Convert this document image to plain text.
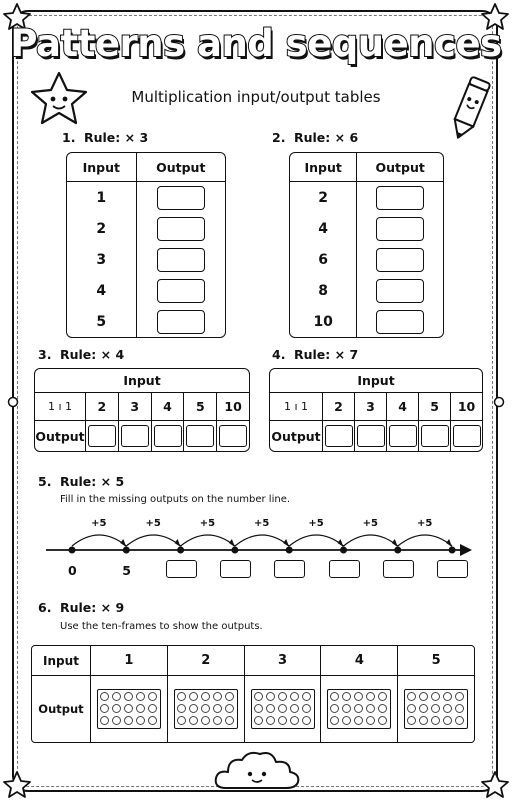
Patterns and sequences
Multiplication input/output tables
1. Rule: × 3
Input	Output
1	
2	
3	
4	
5	
2. Rule: × 6
Input	Output
2	
4	
6	
8	
10	
3. Rule: × 4
Input					
1 ı 1	2	3	4	5	10
Output					
4. Rule: × 7
Input					
1 ı 1	2	3	4	5	10
Output					
5. Rule: × 5
Fill in the missing outputs on the number line.
+5
0
+5
5
+5	+5	+5	+5	+5
6. Rule: × 9
Use the ten-frames to show the outputs.
Input	1	2	3	4	5
Output	
